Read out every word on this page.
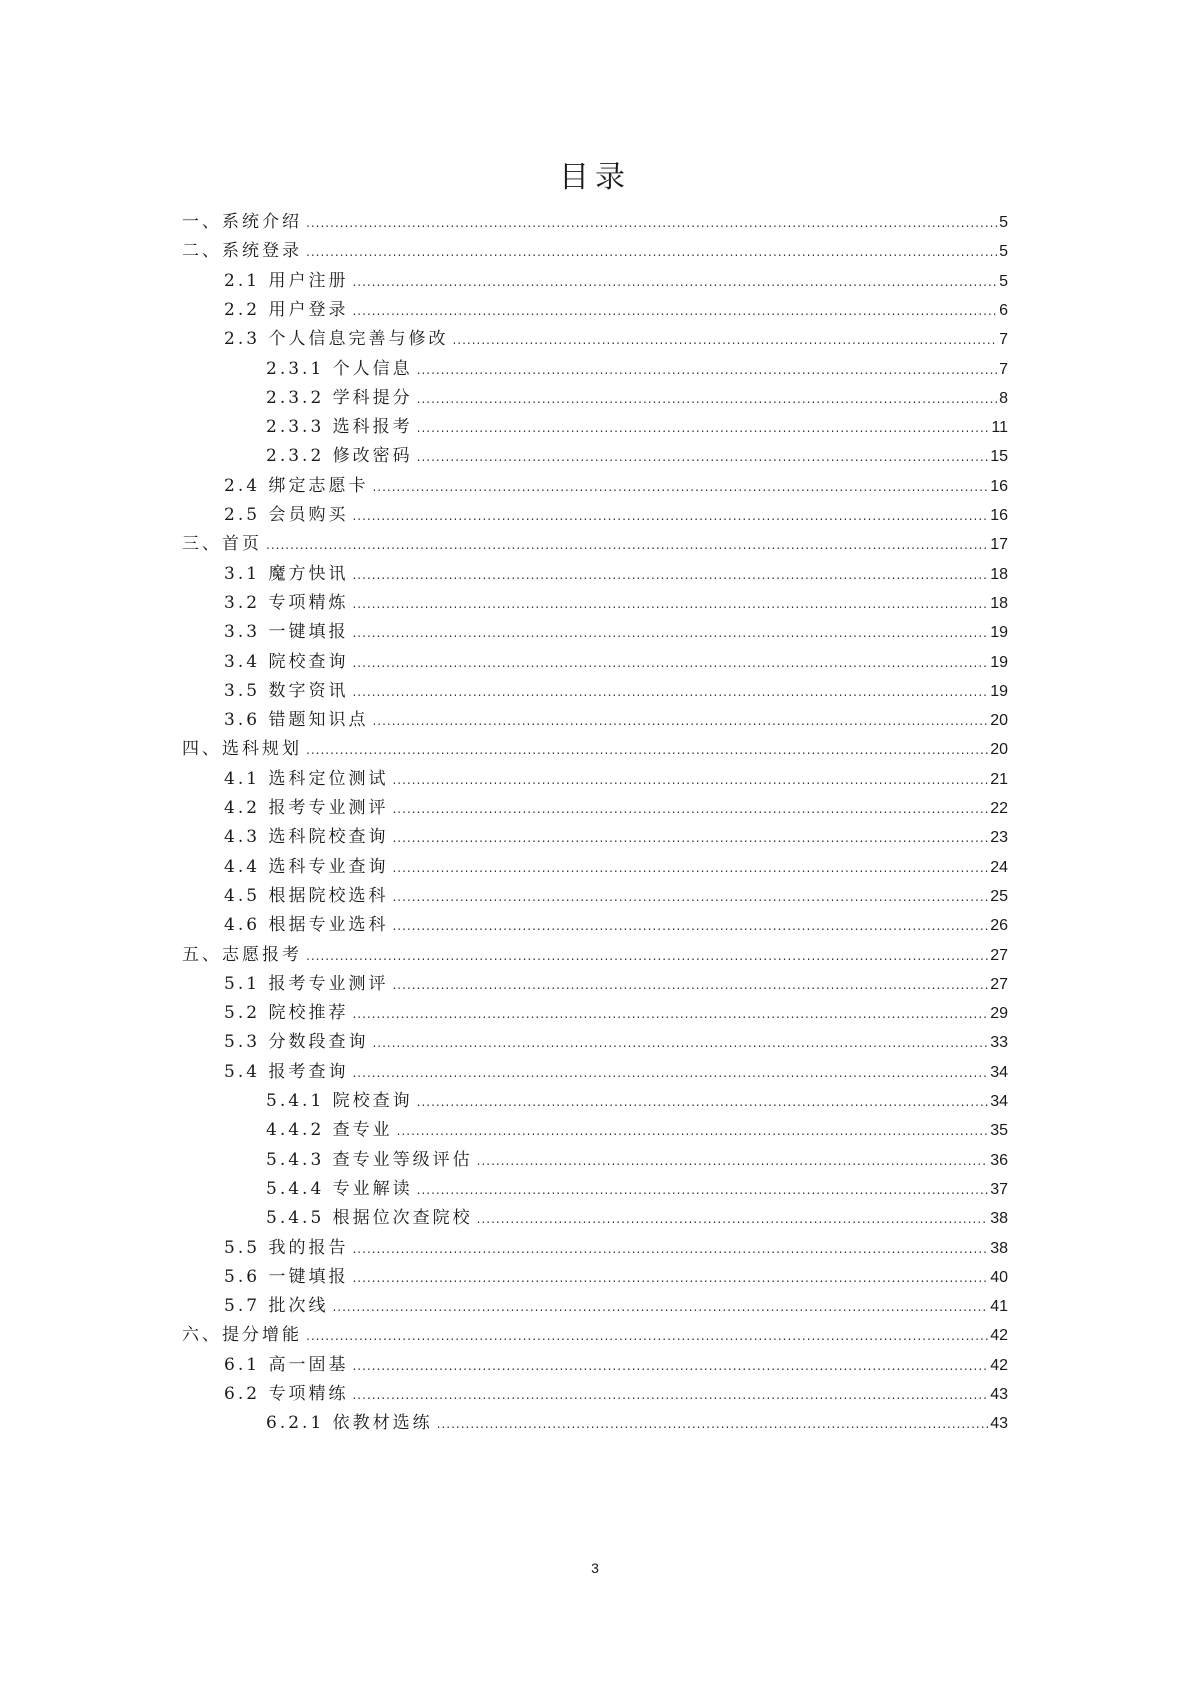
目录
一、系统介绍 .....	5
二、系统登录 .....	5
2.1 用户注册 .....	5
2.2 用户登录 .....	6
2.3 个人信息完善与修改 .....	7
2.3.1 个人信息 .....	7
2.3.2 学科提分 .....	8
2.3.3 选科报考 .....	11
2.3.2 修改密码 .....	15
2.4 绑定志愿卡 .....	16
2.5 会员购买 .....	16
三、首页 .....	17
3.1 魔方快讯 .....	18
3.2 专项精炼 .....	18
3.3 一键填报 .....	19
3.4 院校查询 .....	19
3.5 数字资讯 .....	19
3.6 错题知识点 .....	20
四、选科规划 .....	20
4.1 选科定位测试 .....	21
4.2 报考专业测评 .....	22
4.3 选科院校查询 .....	23
4.4 选科专业查询 .....	24
4.5 根据院校选科 .....	25
4.6 根据专业选科 .....	26
五、志愿报考 .....	27
5.1 报考专业测评 .....	27
5.2 院校推荐 .....	29
5.3 分数段查询 .....	33
5.4 报考查询 .....	34
5.4.1 院校查询 .....	34
4.4.2 查专业 .....	35
5.4.3 查专业等级评估 .....	36
5.4.4 专业解读 .....	37
5.4.5 根据位次查院校 .....	38
5.5 我的报告 .....	38
5.6 一键填报 .....	40
5.7 批次线 .....	41
六、提分增能 .....	42
6.1 高一固基 .....	42
6.2 专项精练 .....	43
6.2.1 依教材选练 .....	43
3
